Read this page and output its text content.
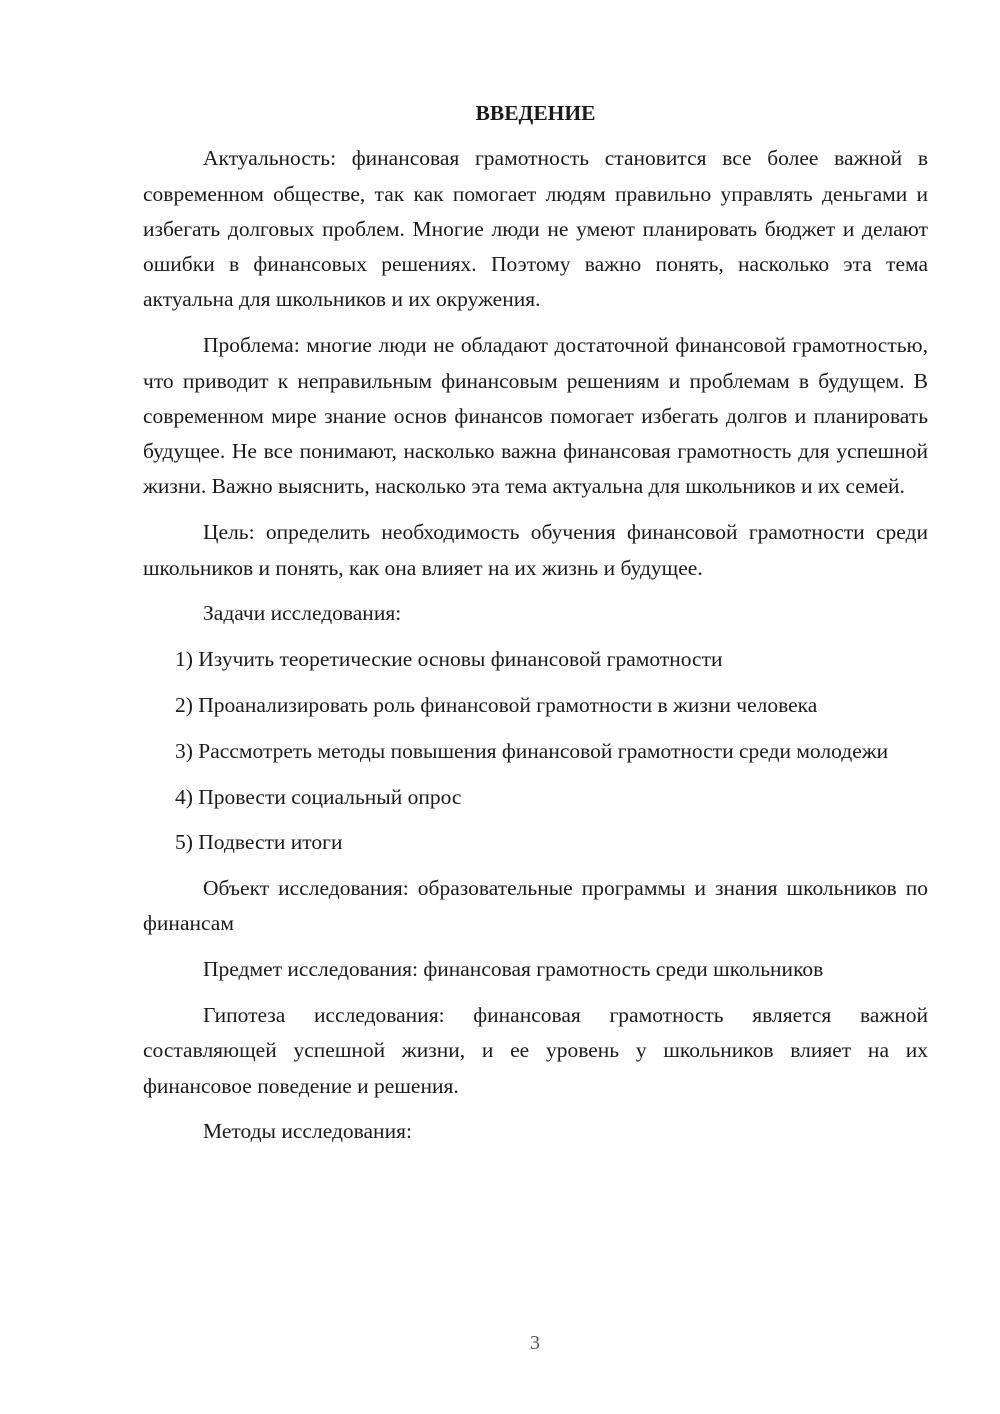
ВВЕДЕНИЕ

Актуальность: финансовая грамотность становится все более важной в современном обществе, так как помогает людям правильно управлять деньгами и избегать долговых проблем. Многие люди не умеют планировать бюджет и делают ошибки в финансовых решениях. Поэтому важно понять, насколько эта тема актуальна для школьников и их окружения.

Проблема: многие люди не обладают достаточной финансовой грамотностью, что приводит к неправильным финансовым решениям и проблемам в будущем. В современном мире знание основ финансов помогает избегать долгов и планировать будущее. Не все понимают, насколько важна финансовая грамотность для успешной жизни. Важно выяснить, насколько эта тема актуальна для школьников и их семей.

Цель: определить необходимость обучения финансовой грамотности среди школьников и понять, как она влияет на их жизнь и будущее.

Задачи исследования:

1) Изучить теоретические основы финансовой грамотности

2) Проанализировать роль финансовой грамотности в жизни человека

3) Рассмотреть методы повышения финансовой грамотности среди молодежи

4) Провести социальный опрос

5) Подвести итоги

Объект исследования: образовательные программы и знания школьников по финансам

Предмет исследования: финансовая грамотность среди школьников

Гипотеза исследования: финансовая грамотность является важной составляющей успешной жизни, и ее уровень у школьников влияет на их финансовое поведение и решения.

Методы исследования:

3
